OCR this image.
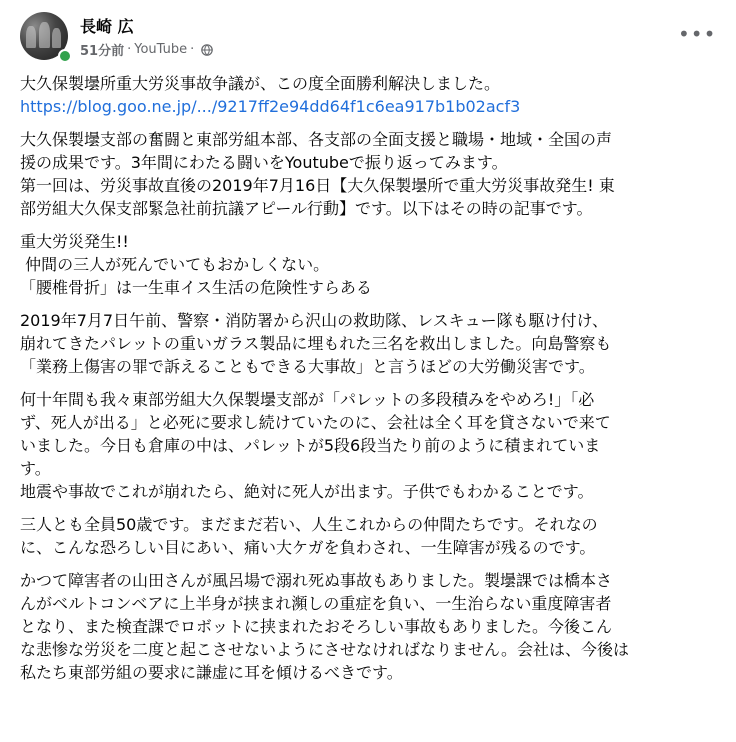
長崎 広
51分前 · YouTube ·
•••

大久保製壜所重大労災事故争議が、この度全面勝利解決しました。

https://blog.goo.ne.jp/.../9217ff2e94dd64f1c6ea917b1b02acf3

大久保製壜支部の奮闘と東部労組本部、各支部の全面支援と職場・地域・全国の声

援の成果です。3年間にわたる闘いをYoutubeで振り返ってみます。

第一回は、労災事故直後の2019年7月16日【大久保製壜所で重大労災事故発生! 東

部労組大久保支部緊急社前抗議アピール行動】です。以下はその時の記事です。

重大労災発生!!

仲間の三人が死んでいてもおかしくない。

「腰椎骨折」は一生車イス生活の危険性すらある

2019年7月7日午前、警察・消防署から沢山の救助隊、レスキュー隊も駆け付け、

崩れてきたパレットの重いガラス製品に埋もれた三名を救出しました。向島警察も

「業務上傷害の罪で訴えることもできる大事故」と言うほどの大労働災害です。

何十年間も我々東部労組大久保製壜支部が「パレットの多段積みをやめろ!」「必

ず、死人が出る」と必死に要求し続けていたのに、会社は全く耳を貸さないで来て

いました。今日も倉庫の中は、パレットが5段6段当たり前のように積まれていま

す。

地震や事故でこれが崩れたら、絶対に死人が出ます。子供でもわかることです。

三人とも全員50歳です。まだまだ若い、人生これからの仲間たちです。それなの

に、こんな恐ろしい目にあい、痛い大ケガを負わされ、一生障害が残るのです。

かつて障害者の山田さんが風呂場で溺れ死ぬ事故もありました。製壜課では橋本さ

んがベルトコンベアに上半身が挟まれ瀕しの重症を負い、一生治らない重度障害者

となり、また検査課でロボットに挟まれたおそろしい事故もありました。今後こん

な悲惨な労災を二度と起こさせないようにさせなければなりません。会社は、今後は

私たち東部労組の要求に謙虚に耳を傾けるべきです。
